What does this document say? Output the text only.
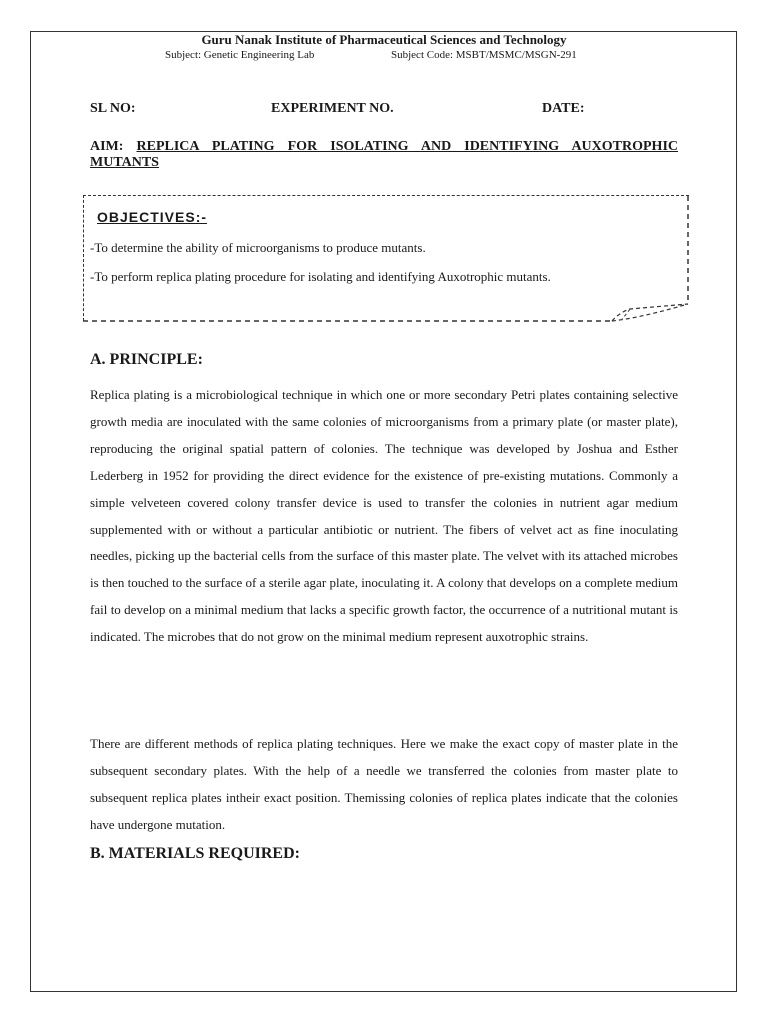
Guru Nanak Institute of Pharmaceutical Sciences and Technology
Subject: Genetic Engineering Lab	Subject Code: MSBT/MSMC/MSGN-291
SL NO:	EXPERIMENT NO.	DATE:
AIM: REPLICA PLATING FOR ISOLATING AND IDENTIFYING AUXOTROPHIC MUTANTS
OBJECTIVES:-
-To determine the ability of microorganisms to produce mutants.
-To perform replica plating procedure for isolating and identifying Auxotrophic mutants.
A. PRINCIPLE:
Replica plating is a microbiological technique in which one or more secondary Petri plates containing selective growth media are inoculated with the same colonies of microorganisms from a primary plate (or master plate), reproducing the original spatial pattern of colonies. The technique was developed by Joshua and Esther Lederberg in 1952 for providing the direct evidence for the existence of pre-existing mutations. Commonly a simple velveteen covered colony transfer device is used to transfer the colonies in nutrient agar medium supplemented with or without a particular antibiotic or nutrient. The fibers of velvet act as fine inoculating needles, picking up the bacterial cells from the surface of this master plate. The velvet with its attached microbes is then touched to the surface of a sterile agar plate, inoculating it. A colony that develops on a complete medium fail to develop on a minimal medium that lacks a specific growth factor, the occurrence of a nutritional mutant is indicated. The microbes that do not grow on the minimal medium represent auxotrophic strains.
There are different methods of replica plating techniques. Here we make the exact copy of master plate in the subsequent secondary plates. With the help of a needle we transferred the colonies from master plate to subsequent replica plates intheir exact position. Themissing colonies of replica plates indicate that the colonies have undergone mutation.
B. MATERIALS REQUIRED:
